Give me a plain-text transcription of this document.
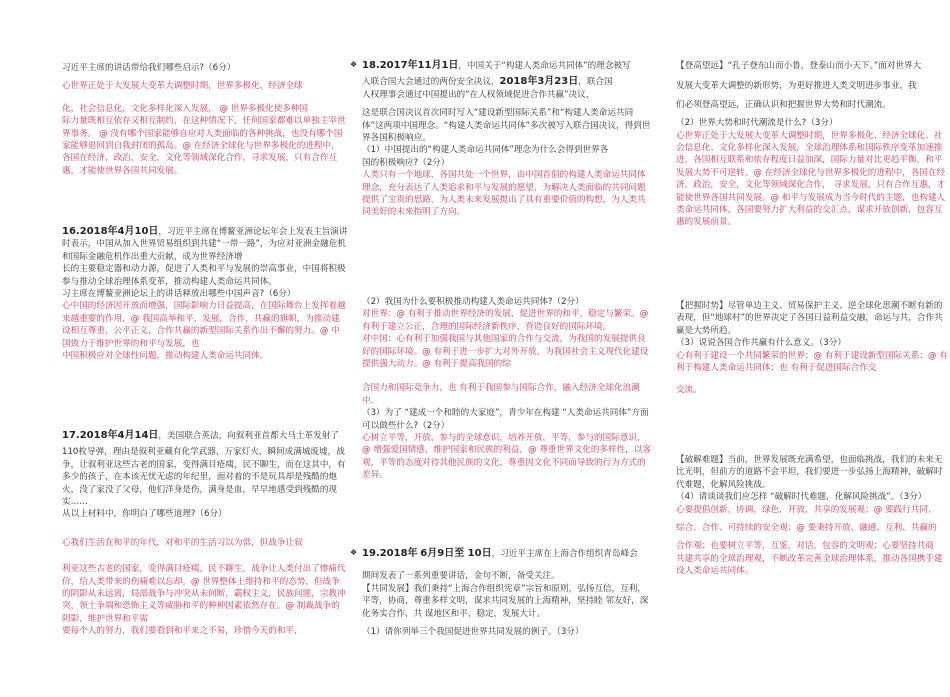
习近平主席的讲话带给我们哪些启示?（6分）

心世界正处于大发展大变革大调整时期，世界多极化，经济全球

化，社会信息化，文化多样化深入发展， @ 世界多极化使多种国

际力量既相互依存又相互制约，在这种情况下，任何国家都难以单独主宰世界事务。 @ 没有哪个国家能够自应对人类面临的各种挑战，也没有哪个国家能够退回到自我封闭的孤岛。@ 在经济全球化与世界多极化的进程中，各国在经济，政治，安全，文化等领域深化合作，寻求发展，只有合作互惠，才能使世界各国共同发展。

16.2018年4月10日，习近平主席在博鳌亚洲论坛年会上发表主旨演讲时表示，中国从加入世界贸易组织到共建“一带一路”，为应对亚洲金融危机和国际金融危机作出重大贡献，成为世界经济增

长的主要稳定器和动力源，促进了人类和平与发展的崇高事业，中国将积极参与推动全球治理体系变革，推动构建人类命运共同体。

习主席在博鳌亚洲论坛上的讲话释放出哪些中国声音?（6分）

心中国的经济因开放而增强，国际影响力日益提高，在国际舞台上发挥着越来越重要的作用，@ 我国高举和平，发展，合作，共赢的旗帜，为推动建设相互尊重，公平正义，合作共赢的新型国际关系作出不懈的努力。@ 中国致力于维护世界的和平与发展，也

中国积极应对全球性问题，推动构建人类命运共同体。

17.2018年4月14日，美国联合英法，向叙利亚首都大马士革发射了

110枚导弹，理由是叙利亚藏有化学武器，万家灯火，瞬间成满城废墟，战争，让叙利亚这些古老的国家，变得满目疮痍，民不聊生，而在这其中，有多少的孩子，在本该无忧无虑的年纪里，面对着的不是玩具却是残酷的炮火，没了家没了父母，他们洋身是伤，满身是血，早早地感受到残酷的现实……

从以上材料中，你明白了哪些道理?（6分）

心我们生活在和平的年代，对和平的生活习以为常，但战争让叙

利亚这些古老的国家，变得满目疮痍，民不聊生，战争让人类付出了惨痛代价，给人类带来的伤痛难以忘却。@ 世界整体上维持和平的态势，但战争的阴影从未远离，局部战争与冲突从未间断，霸权主义，民族问题，宗教冲突，领土争端和恐怖主义等威胁和平的种种因素依然存在。@ 制裁战争的阴影，维护世界和平需

要每个人的努力，我们要看到和平来之不易，珍惜今天的和平，

❖ 18.2017年11月1日，中国关于“构建人类命运共同体”的理念被写

入联合国大会通过的两份安全决议，2018年3月23日，联合国

人权理事会通过中国提出的“在人权领域促进合作共赢”决议，

这是联合国决议首次同时写入“建设新型国际关系”和“构建人类命运共同体”这两项中国理念。“构建人类命运共同体”多次被写入联合国决议，得到世界各国积极响应。

（1）中国提出的“构建人类命运共同体”理念为什么会得到世界各

国的积极响应?（2分）

人类只有一个地球，各国共处一个世界，由中国首倡的构建人类命运共同体理念，充分表达了人类追求和平与发展的愿望，为解决人类面临的共同问题提供了宝贵的思路，为人类未来发展提出了具有重要价值的构想，为人类共同美好的未来指明了方向。

（2）我国为什么要积极推动构建人类命运共同体?（2分）

对世界：@ 有利于推动世界经济的发展，促进世界的和平，稳定与繁荣。@ 有利于建立公正，合理的国际经济新秩序，营造良好的国际环境。

对中国：心有利于加强我国与其他国家的合作与交流，为我国的发展提供良好的国际环境。@ 有利于进一步扩大对外开放，为我国社会主义现代化建设提供强大动力。@ 有利于提高我国的综

合国力和国际竞争力，也 有利于我国参与国际合作，融入经济全球化浪潮中。

（3）为了 “建成一个和睦的大家庭”，青少年在构建 “人类命运共同体”方面可以做些什么?（2分）

心树立平等，开放，参与的全球意识，培养开放，平等，参与的国际意识，@ 增强爱国情感，维护国家和民族的利益，@ 尊重世界文化的多样性，以客观，平等的态度对待其他民族的文化，尊重因文化不同而导致的行为方式的差异。

❖ 19.2018年 6月9日至 10日，习近平主席在上海合作组织青岛峰会

期间发表了一系列重要讲话，金句不断，备受关注。

【共同发展】我们秉持“上海合作组织宪章”宗旨和原则，弘扬互信，互利，平等，协商，尊重多样文明，谋求共同发展的上海精神，坚持睦 邻友好，深 化务实合作，共 谋地区和平，稳定，发展大计。

（1）请你列举三个我国促进世界共同发展的例子。（3分）

【登高望远】“孔子登东山而小鲁，登泰山而小天下。”面对世界大

发展大变革大调整的新形势，为更好推进人类文明进步事业，我

们必须登高望远，正确认识和把握世界大势和时代潮流。

（2）世界大势和时代潮流是什么?（3分）

心世界正处于大发展大变革大调整时期，世界多极化、经济全球化、社会信息化、文化多样化深入发展，全球治理体系和国际秩序变革加速推进，各国相互联系和依存程度日益加深，国际力量对比更趋平衡，和平发展大势不可逆转。@ 在经济全球化与世界多极化的进程中，各国在经济，政治，安全，文化等领域深化合作， 寻求发展，只有合作互惠，才能使世界各国共同发展。@ 和平与发展成为当今时代的主题，也构建人类命运共同体，各国要努力扩大利益的交汇点，谋求开放创新，包容互惠的发展前景。

【把握时势】尽管单边主义、贸易保护主义、逆全球化思潮不断有新的表现，但“地球村”的世界决定了各国日益利益交融，命运与共，合作共赢是大势所趋。

（3）说说各国合作共赢有什么意义。（3分）

心有利于建设一个共同繁荣的世界；@ 有利于建设新型国际关系；@ 有利于构建人类命运共同体；也 有利于促进国际合作交

交流。

【破解难题】当前，世界发展既充满希望，也面临挑战，我们的未来无比光明，但前方的道路不会平坦，我们要进一步弘扬上海精神，破解时代难题，化解风险挑战。

（4）请谈谈我们应怎样 “破解时代难题，化解风险挑战”。（3分）

心要提倡创新，协调，绿色，开放，共享的发展观；@ 要践行共同、

综合、合作、可持续的安全观；@ 要秉持开放、融通、互利、共赢的

合作观；也要树立平等，互鉴，对话，包容的文明观；心要坚持共商

共建共享的全球治理观，不断改革完善全球治理体系，推动各国携手建设人类命运共同体。
